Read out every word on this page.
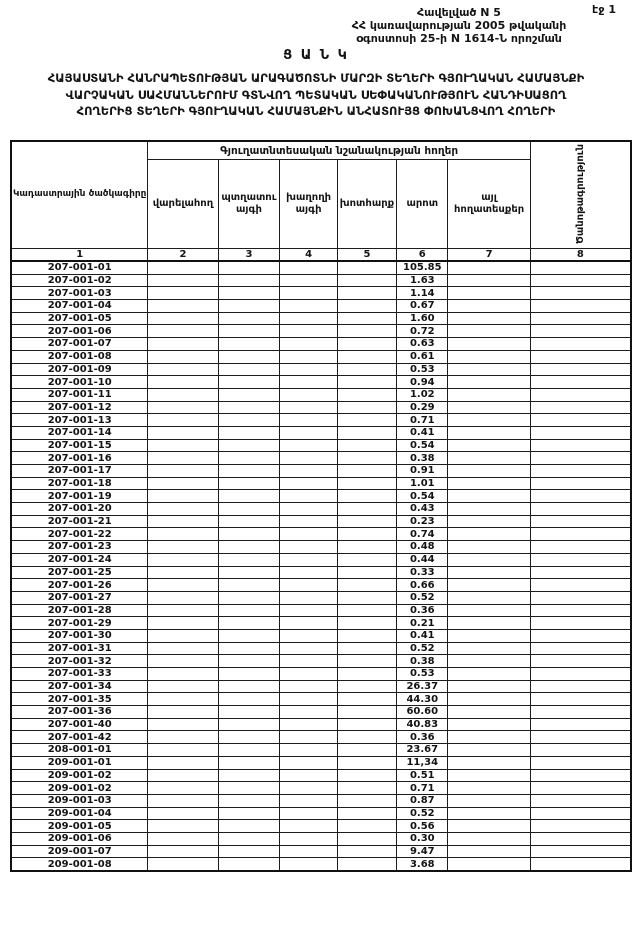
էջ 1
Հավելված N 5
ՀՀ կառավարության 2005 թվականի
օգոստոսի 25-ի N 1614-Ն որոշման
Ց Ա Ն Կ
ՀԱՅԱՍՏԱՆԻ ՀԱՆՐԱՊԵՏՈՒԹՅԱՆ ԱՐԱԳԱԾՈՏՆԻ ՄԱՐԶԻ ՏԵՂԵՐԻ ԳՅՈՒՂԱԿԱՆ ՀԱՄԱՅՆՔԻ
ՎԱՐՉԱԿԱՆ ՍԱՀՄԱՆՆԵՐՈՒՄ ԳՏՆՎՈՂ ՊԵՏԱԿԱՆ ՍԵՓԱԿԱՆՈՒԹՅՈՒՆ ՀԱՆԴԻՍԱՑՈՂ
ՀՈՂԵՐԻՑ ՏԵՂԵՐԻ ԳՅՈՒՂԱԿԱՆ ՀԱՄԱՅՆՔԻՆ ԱՆՀԱՏՈՒՅՑ ՓՈԽԱՆՑՎՈՂ ՀՈՂԵՐԻ
Կադաստրային ծածկագիրը	Գյուղատնտեսական նշանակության հողեր						Ծանոթագրություն
	վարելահող	պտղատու այգի	խաղողի այգի	խոտհարք	արոտ	այլ հողատեսքեր	
1	2	3	4	5	6	7	8
207-001-01					105.85		
207-001-02					1.63		
207-001-03					1.14		
207-001-04					0.67		
207-001-05					1.60		
207-001-06					0.72		
207-001-07					0.63		
207-001-08					0.61		
207-001-09					0.53		
207-001-10					0.94		
207-001-11					1.02		
207-001-12					0.29		
207-001-13					0.71		
207-001-14					0.41		
207-001-15					0.54		
207-001-16					0.38		
207-001-17					0.91		
207-001-18					1.01		
207-001-19					0.54		
207-001-20					0.43		
207-001-21					0.23		
207-001-22					0.74		
207-001-23					0.48		
207-001-24					0.44		
207-001-25					0.33		
207-001-26					0.66		
207-001-27					0.52		
207-001-28					0.36		
207-001-29					0.21		
207-001-30					0.41		
207-001-31					0.52		
207-001-32					0.38		
207-001-33					0.53		
207-001-34					26.37		
207-001-35					44.30		
207-001-36					60.60		
207-001-40					40.83		
207-001-42					0.36		
208-001-01					23.67		
209-001-01					11,34		
209-001-02					0.51		
209-001-02					0.71		
209-001-03					0.87		
209-001-04					0.52		
209-001-05					0.56		
209-001-06					0.30		
209-001-07					9.47		
209-001-08					3.68		
